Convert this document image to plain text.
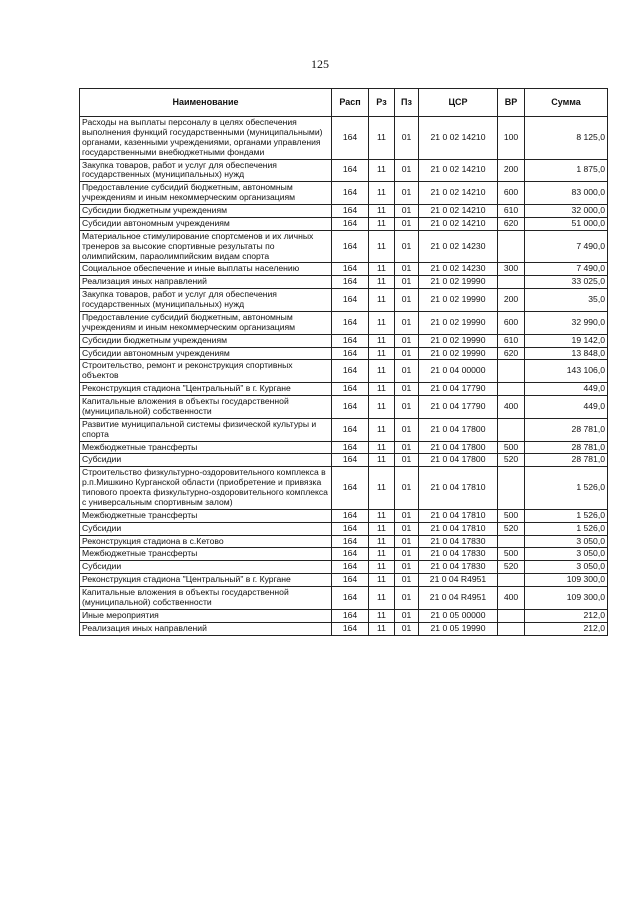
125
Наименование	Расп	Рз	Пз	ЦСР	ВР	Сумма
Расходы на выплаты персоналу в целях обеспечения выполнения функций государственными (муниципальными) органами, казенными учреждениями, органами управления государственными внебюджетными фондами	164	11	01	21 0 02 14210	100	8 125,0
Закупка товаров, работ и услуг для обеспечения государственных (муниципальных) нужд	164	11	01	21 0 02 14210	200	1 875,0
Предоставление субсидий бюджетным, автономным учреждениям и иным некоммерческим организациям	164	11	01	21 0 02 14210	600	83 000,0
Субсидии бюджетным учреждениям	164	11	01	21 0 02 14210	610	32 000,0
Субсидии автономным учреждениям	164	11	01	21 0 02 14210	620	51 000,0
Материальное стимулирование спортсменов и их личных тренеров за высокие спортивные результаты по олимпийским, параолимпийским видам спорта	164	11	01	21 0 02 14230		7 490,0
Социальное обеспечение и иные выплаты населению	164	11	01	21 0 02 14230	300	7 490,0
Реализация иных направлений	164	11	01	21 0 02 19990		33 025,0
Закупка товаров, работ и услуг для обеспечения государственных (муниципальных) нужд	164	11	01	21 0 02 19990	200	35,0
Предоставление субсидий бюджетным, автономным учреждениям и иным некоммерческим организациям	164	11	01	21 0 02 19990	600	32 990,0
Субсидии бюджетным учреждениям	164	11	01	21 0 02 19990	610	19 142,0
Субсидии автономным учреждениям	164	11	01	21 0 02 19990	620	13 848,0
Строительство, ремонт и реконструкция спортивных объектов	164	11	01	21 0 04 00000		143 106,0
Реконструкция стадиона "Центральный" в г. Кургане	164	11	01	21 0 04 17790		449,0
Капитальные вложения в объекты государственной (муниципальной) собственности	164	11	01	21 0 04 17790	400	449,0
Развитие муниципальной системы физической культуры и спорта	164	11	01	21 0 04 17800		28 781,0
Межбюджетные трансферты	164	11	01	21 0 04 17800	500	28 781,0
Субсидии	164	11	01	21 0 04 17800	520	28 781,0
Строительство физкультурно-оздоровительного комплекса в р.п.Мишкино Курганской области (приобретение и привязка типового проекта физкультурно-оздоровительного комплекса с универсальным спортивным залом)	164	11	01	21 0 04 17810		1 526,0
Межбюджетные трансферты	164	11	01	21 0 04 17810	500	1 526,0
Субсидии	164	11	01	21 0 04 17810	520	1 526,0
Реконструкция стадиона в с.Кетово	164	11	01	21 0 04 17830		3 050,0
Межбюджетные трансферты	164	11	01	21 0 04 17830	500	3 050,0
Субсидии	164	11	01	21 0 04 17830	520	3 050,0
Реконструкция стадиона "Центральный" в г. Кургане	164	11	01	21 0 04 R4951		109 300,0
Капитальные вложения в объекты государственной (муниципальной) собственности	164	11	01	21 0 04 R4951	400	109 300,0
Иные мероприятия	164	11	01	21 0 05 00000		212,0
Реализация иных направлений	164	11	01	21 0 05 19990		212,0
